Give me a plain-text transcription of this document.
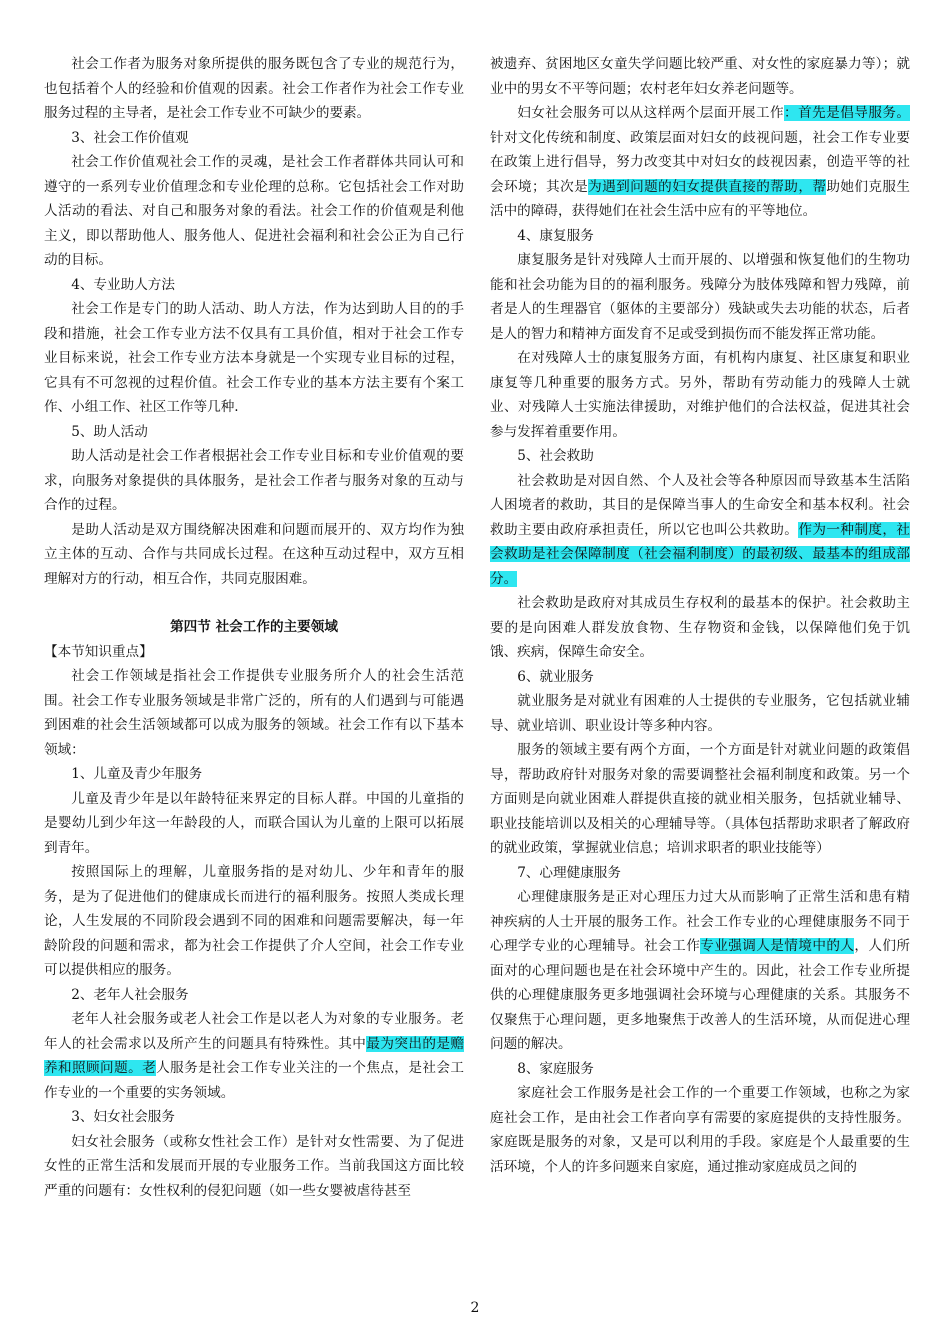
社会工作者为服务对象所提供的服务既包含了专业的规范行为，也包括着个人的经验和价值观的因素。社会工作者作为社会工作专业服务过程的主导者，是社会工作专业不可缺少的要素。

3、社会工作价值观

社会工作价值观社会工作的灵魂，是社会工作者群体共同认可和遵守的一系列专业价值理念和专业伦理的总称。它包括社会工作对助人活动的看法、对自己和服务对象的看法。社会工作的价值观是利他主义，即以帮助他人、服务他人、促进社会福利和社会公正为自己行动的目标。

4、专业助人方法

社会工作是专门的助人活动、助人方法，作为达到助人目的的手段和措施，社会工作专业方法不仅具有工具价值，相对于社会工作专业目标来说，社会工作专业方法本身就是一个实现专业目标的过程，它具有不可忽视的过程价值。社会工作专业的基本方法主要有个案工作、小组工作、社区工作等几种.

5、助人活动

助人活动是社会工作者根据社会工作专业目标和专业价值观的要求，向服务对象提供的具体服务，是社会工作者与服务对象的互动与合作的过程。

是助人活动是双方围绕解决困难和问题而展开的、双方均作为独立主体的互动、合作与共同成长过程。在这种互动过程中，双方互相理解对方的行动，相互合作，共同克服困难。

第四节 社会工作的主要领域

【本节知识重点】

社会工作领域是指社会工作提供专业服务所介人的社会生活范围。社会工作专业服务领域是非常广泛的，所有的人们遇到与可能遇到困难的社会生活领域都可以成为服务的领域。社会工作有以下基本领域：

1、儿童及青少年服务

儿童及青少年是以年龄特征来界定的目标人群。中国的儿童指的是婴幼儿到少年这一年龄段的人，而联合国认为儿童的上限可以拓展到青年。

按照国际上的理解，儿童服务指的是对幼儿、少年和青年的服务，是为了促进他们的健康成长而进行的福利服务。按照人类成长理论，人生发展的不同阶段会遇到不同的困难和问题需要解决，每一年龄阶段的问题和需求，都为社会工作提供了介人空间，社会工作专业可以提供相应的服务。

2、老年人社会服务

老年人社会服务或老人社会工作是以老人为对象的专业服务。老年人的社会需求以及所产生的问题具有特殊性。其中最为突出的是赡养和照顾问题。老人服务是社会工作专业关注的一个焦点，是社会工作专业的一个重要的实务领域。

3、妇女社会服务

妇女社会服务（或称女性社会工作）是针对女性需要、为了促进女性的正常生活和发展而开展的专业服务工作。当前我国这方面比较严重的问题有：女性权利的侵犯问题（如一些女婴被虐待甚至

被遗弃、贫困地区女童失学问题比较严重、对女性的家庭暴力等）；就业中的男女不平等问题；农村老年妇女养老问题等。

妇女社会服务可以从这样两个层面开展工作：首先是倡导服务。针对文化传统和制度、政策层面对妇女的歧视问题，社会工作专业要在政策上进行倡导，努力改变其中对妇女的歧视因素，创造平等的社会环境；其次是为遇到问题的妇女提供直接的帮助，帮助她们克服生活中的障碍，获得她们在社会生活中应有的平等地位。

4、康复服务

康复服务是针对残障人士而开展的、以增强和恢复他们的生物功能和社会功能为目的的福利服务。残障分为肢体残障和智力残障，前者是人的生理器官（躯体的主要部分）残缺或失去功能的状态，后者是人的智力和精神方面发育不足或受到损伤而不能发挥正常功能。

在对残障人士的康复服务方面，有机构内康复、社区康复和职业康复等几种重要的服务方式。另外，帮助有劳动能力的残障人士就业、对残障人士实施法律援助，对维护他们的合法权益，促进其社会参与发挥着重要作用。

5、社会救助

社会救助是对因自然、个人及社会等各种原因而导致基本生活陷人困境者的救助，其目的是保障当事人的生命安全和基本权利。社会救助主要由政府承担责任，所以它也叫公共救助。作为一种制度，社会救助是社会保障制度（社会福利制度）的最初级、最基本的组成部分。

社会救助是政府对其成员生存权利的最基本的保护。社会救助主要的是向困难人群发放食物、生存物资和金钱，以保障他们免于饥饿、疾病，保障生命安全。

6、就业服务

就业服务是对就业有困难的人士提供的专业服务，它包括就业辅导、就业培训、职业设计等多种内容。

服务的领域主要有两个方面，一个方面是针对就业问题的政策倡导，帮助政府针对服务对象的需要调整社会福利制度和政策。另一个方面则是向就业困难人群提供直接的就业相关服务，包括就业辅导、职业技能培训以及相关的心理辅导等。（具体包括帮助求职者了解政府的就业政策，掌握就业信息；培训求职者的职业技能等）

7、心理健康服务

心理健康服务是正对心理压力过大从而影响了正常生活和患有精神疾病的人士开展的服务工作。社会工作专业的心理健康服务不同于心理学专业的心理辅导。社会工作专业强调人是情境中的人，人们所面对的心理问题也是在社会环境中产生的。因此，社会工作专业所提供的心理健康服务更多地强调社会环境与心理健康的关系。其服务不仅聚焦于心理问题，更多地聚焦于改善人的生活环境，从而促进心理问题的解决。

8、家庭服务

家庭社会工作服务是社会工作的一个重要工作领域，也称之为家庭社会工作，是由社会工作者向享有需要的家庭提供的支持性服务。家庭既是服务的对象，又是可以利用的手段。家庭是个人最重要的生活环境，个人的许多问题来自家庭，通过推动家庭成员之间的

2
